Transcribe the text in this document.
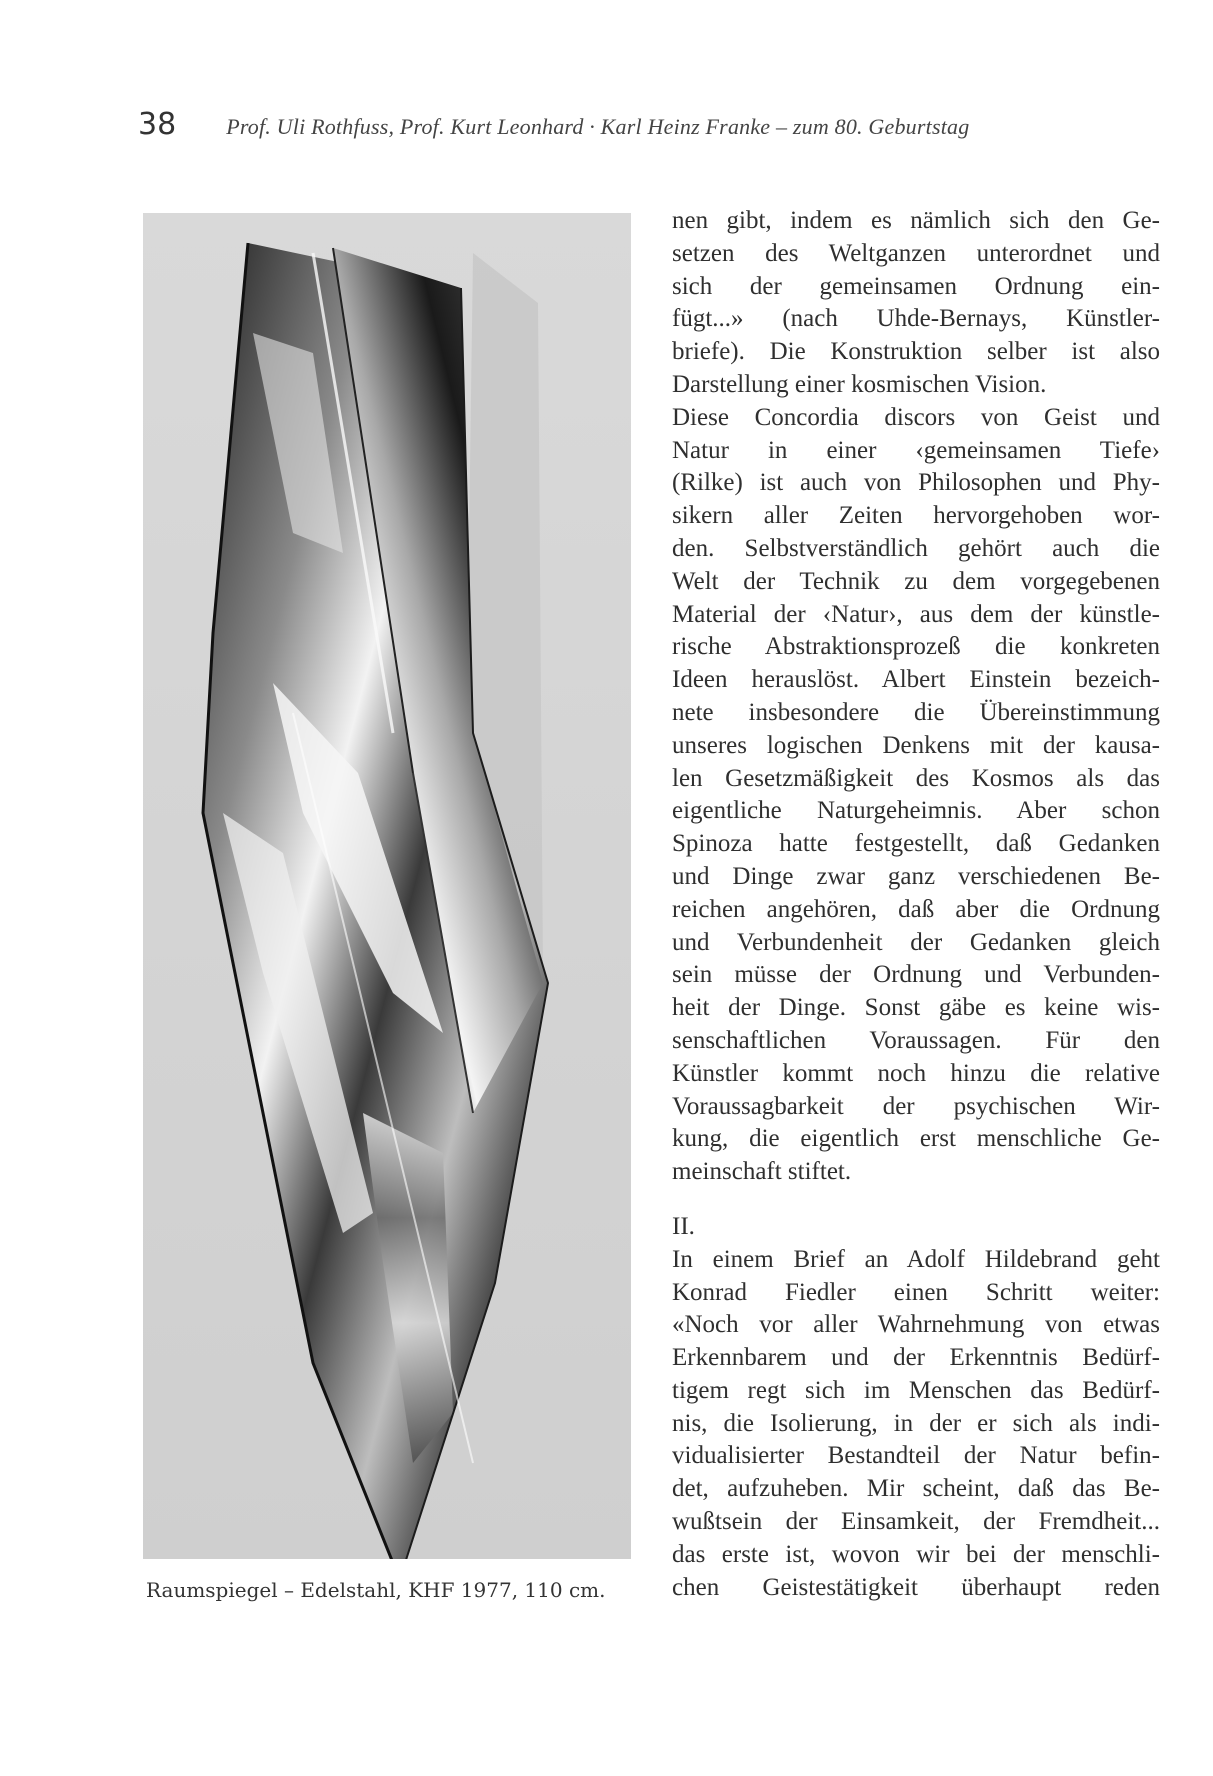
38 Prof. Uli Rothfuss, Prof. Kurt Leonhard · Karl Heinz Franke – zum 80. Geburtstag
Raumspiegel – Edelstahl, KHF 1977, 110 cm.
nen gibt, indem es nämlich sich den Ge-
setzen des Weltganzen unterordnet und
sich der gemeinsamen Ordnung ein-
fügt...» (nach Uhde-Bernays, Künstler-
briefe). Die Konstruktion selber ist also
Darstellung einer kosmischen Vision.
Diese Concordia discors von Geist und
Natur in einer ‹gemeinsamen Tiefe›
(Rilke) ist auch von Philosophen und Phy-
sikern aller Zeiten hervorgehoben wor-
den. Selbstverständlich gehört auch die
Welt der Technik zu dem vorgegebenen
Material der ‹Natur›, aus dem der künstle-
rische Abstraktionsprozeß die konkreten
Ideen herauslöst. Albert Einstein bezeich-
nete insbesondere die Übereinstimmung
unseres logischen Denkens mit der kausa-
len Gesetzmäßigkeit des Kosmos als das
eigentliche Naturgeheimnis. Aber schon
Spinoza hatte festgestellt, daß Gedanken
und Dinge zwar ganz verschiedenen Be-
reichen angehören, daß aber die Ordnung
und Verbundenheit der Gedanken gleich
sein müsse der Ordnung und Verbunden-
heit der Dinge. Sonst gäbe es keine wis-
senschaftlichen Voraussagen. Für den
Künstler kommt noch hinzu die relative
Voraussagbarkeit der psychischen Wir-
kung, die eigentlich erst menschliche Ge-
meinschaft stiftet.
II.
In einem Brief an Adolf Hildebrand geht
Konrad Fiedler einen Schritt weiter:
«Noch vor aller Wahrnehmung von etwas
Erkennbarem und der Erkenntnis Bedürf-
tigem regt sich im Menschen das Bedürf-
nis, die Isolierung, in der er sich als indi-
vidualisierter Bestandteil der Natur befin-
det, aufzuheben. Mir scheint, daß das Be-
wußtsein der Einsamkeit, der Fremdheit...
das erste ist, wovon wir bei der menschli-
chen Geistestätigkeit überhaupt reden
